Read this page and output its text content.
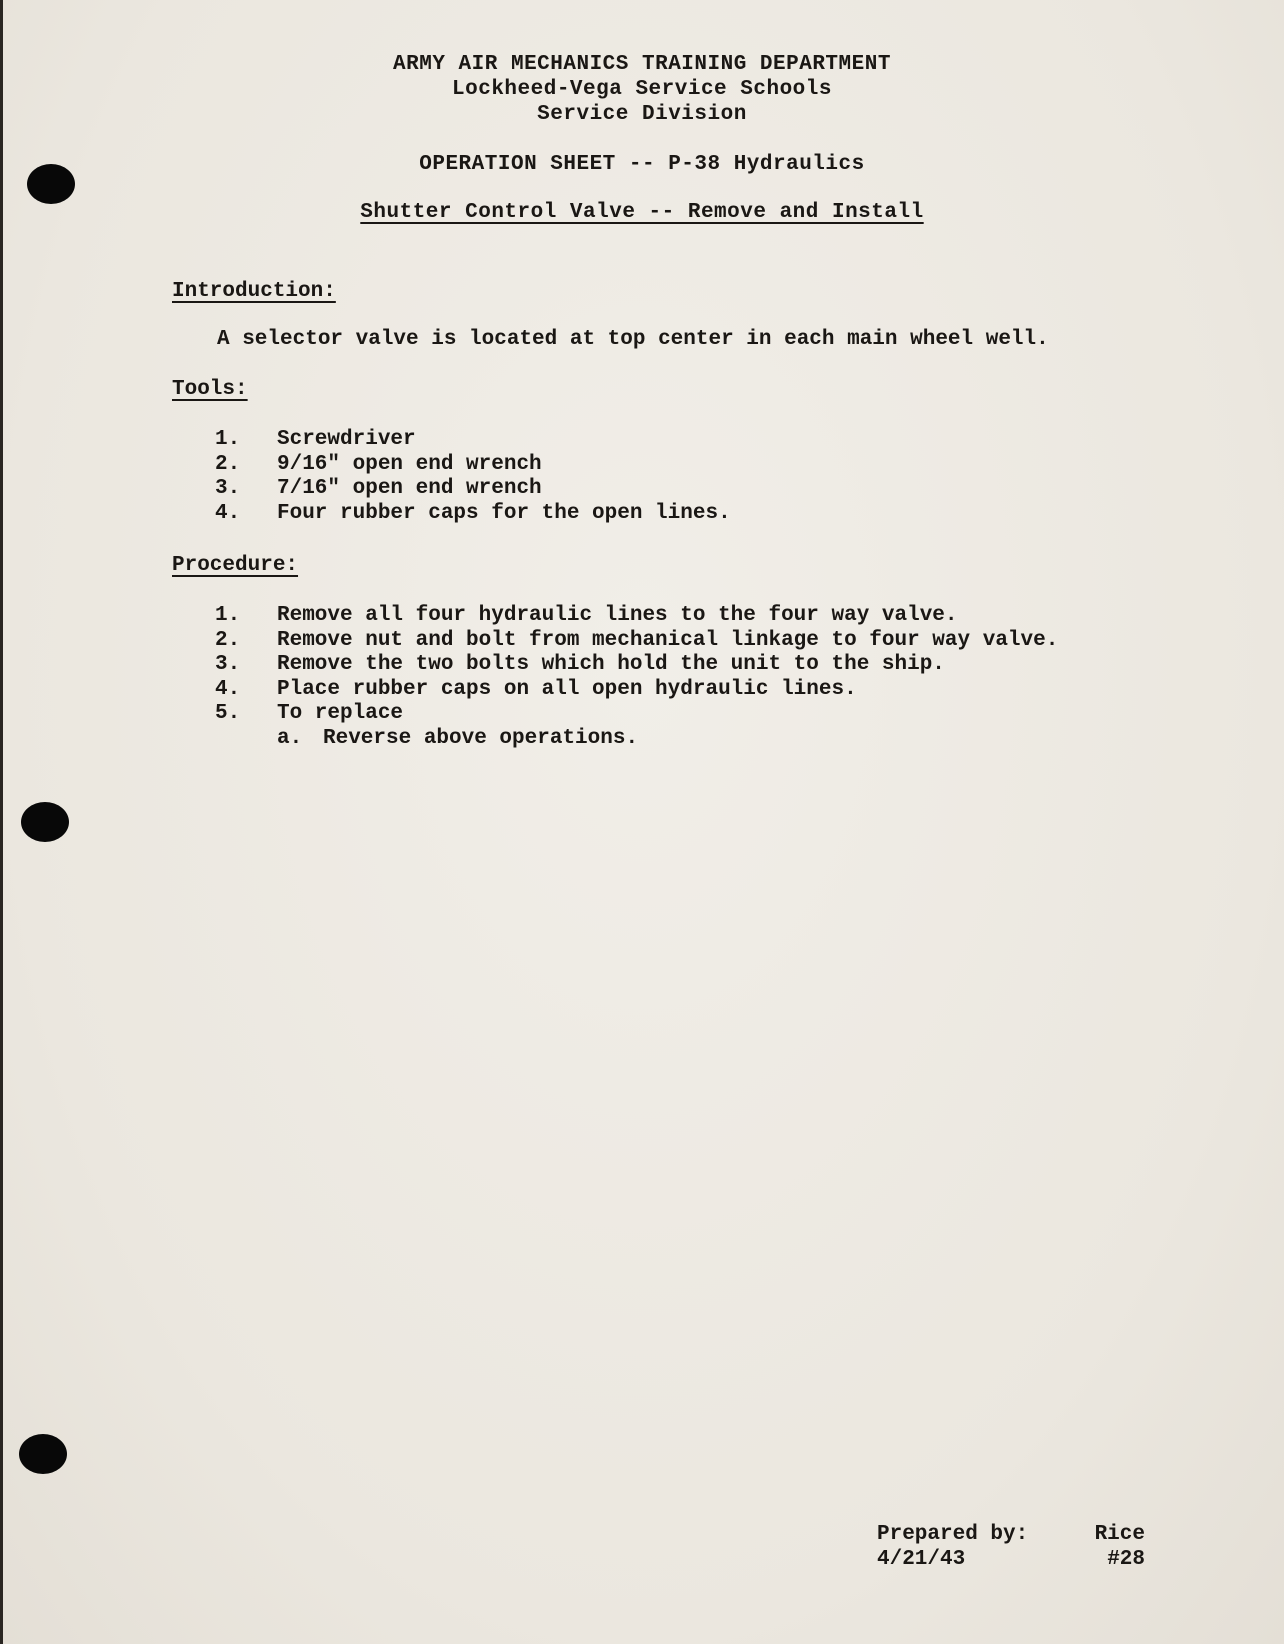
ARMY AIR MECHANICS TRAINING DEPARTMENT
Lockheed-Vega Service Schools
Service Division
OPERATION SHEET -- P-38 Hydraulics
Shutter Control Valve -- Remove and Install
Introduction:
A selector valve is located at top center in each main wheel well.
Tools:
1. Screwdriver
2. 9/16" open end wrench
3. 7/16" open end wrench
4. Four rubber caps for the open lines.
Procedure:
1. Remove all four hydraulic lines to the four way valve.
2. Remove nut and bolt from mechanical linkage to four way valve.
3. Remove the two bolts which hold the unit to the ship.
4. Place rubber caps on all open hydraulic lines.
5. To replace
a. Reverse above operations.
Prepared by:	Rice
4/21/43	#28
